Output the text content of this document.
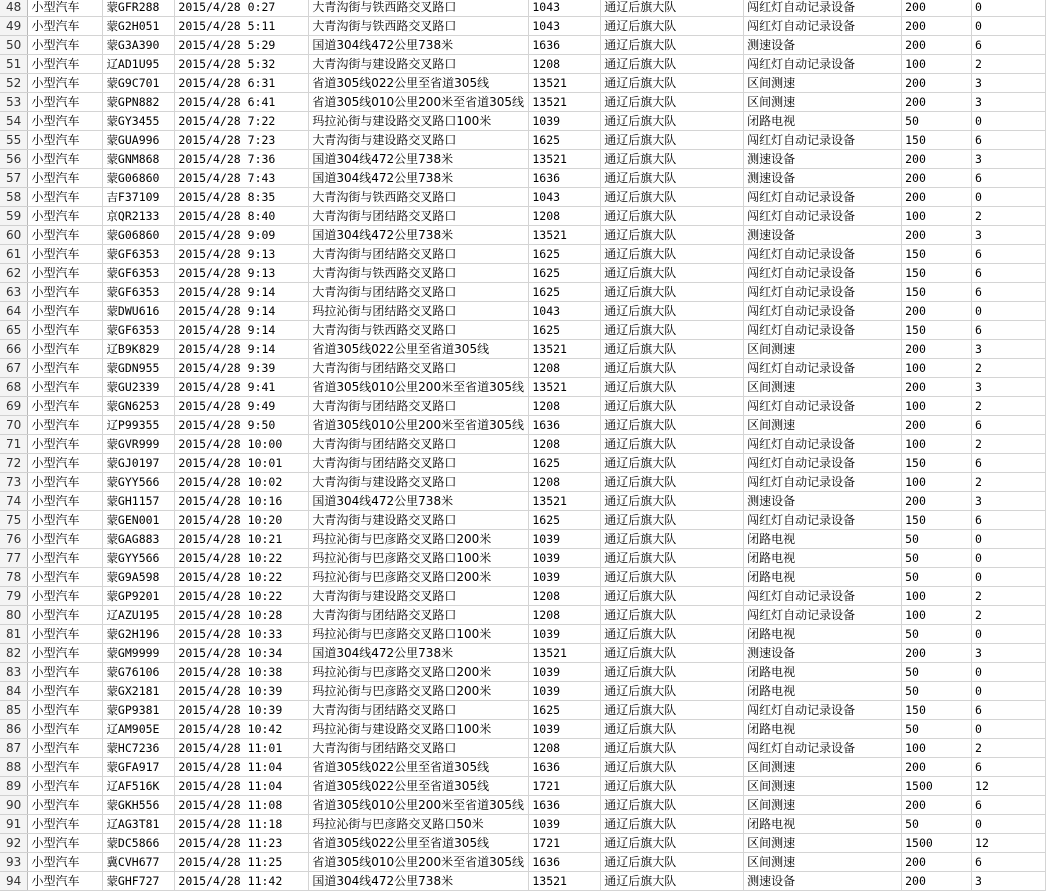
48	小型汽车	蒙GFR288	2015/4/28 0:27	大青沟街与铁西路交叉路口	1043	通辽后旗大队	闯红灯自动记录设备	200	0
49	小型汽车	蒙G2H051	2015/4/28 5:11	大青沟街与铁西路交叉路口	1043	通辽后旗大队	闯红灯自动记录设备	200	0
50	小型汽车	蒙G3A390	2015/4/28 5:29	国道304线472公里738米	1636	通辽后旗大队	测速设备	200	6
51	小型汽车	辽AD1U95	2015/4/28 5:32	大青沟街与建设路交叉路口	1208	通辽后旗大队	闯红灯自动记录设备	100	2
52	小型汽车	蒙G9C701	2015/4/28 6:31	省道305线022公里至省道305线	13521	通辽后旗大队	区间测速	200	3
53	小型汽车	蒙GPN882	2015/4/28 6:41	省道305线010公里200米至省道305线	13521	通辽后旗大队	区间测速	200	3
54	小型汽车	蒙GY3455	2015/4/28 7:22	玛拉沁街与建设路交叉路口100米	1039	通辽后旗大队	闭路电视	50	0
55	小型汽车	蒙GUA996	2015/4/28 7:23	大青沟街与建设路交叉路口	1625	通辽后旗大队	闯红灯自动记录设备	150	6
56	小型汽车	蒙GNM868	2015/4/28 7:36	国道304线472公里738米	13521	通辽后旗大队	测速设备	200	3
57	小型汽车	蒙G06860	2015/4/28 7:43	国道304线472公里738米	1636	通辽后旗大队	测速设备	200	6
58	小型汽车	吉F37109	2015/4/28 8:35	大青沟街与铁西路交叉路口	1043	通辽后旗大队	闯红灯自动记录设备	200	0
59	小型汽车	京QR2133	2015/4/28 8:40	大青沟街与团结路交叉路口	1208	通辽后旗大队	闯红灯自动记录设备	100	2
60	小型汽车	蒙G06860	2015/4/28 9:09	国道304线472公里738米	13521	通辽后旗大队	测速设备	200	3
61	小型汽车	蒙GF6353	2015/4/28 9:13	大青沟街与团结路交叉路口	1625	通辽后旗大队	闯红灯自动记录设备	150	6
62	小型汽车	蒙GF6353	2015/4/28 9:13	大青沟街与铁西路交叉路口	1625	通辽后旗大队	闯红灯自动记录设备	150	6
63	小型汽车	蒙GF6353	2015/4/28 9:14	大青沟街与团结路交叉路口	1625	通辽后旗大队	闯红灯自动记录设备	150	6
64	小型汽车	蒙DWU616	2015/4/28 9:14	玛拉沁街与团结路交叉路口	1043	通辽后旗大队	闯红灯自动记录设备	200	0
65	小型汽车	蒙GF6353	2015/4/28 9:14	大青沟街与铁西路交叉路口	1625	通辽后旗大队	闯红灯自动记录设备	150	6
66	小型汽车	辽B9K829	2015/4/28 9:14	省道305线022公里至省道305线	13521	通辽后旗大队	区间测速	200	3
67	小型汽车	蒙GDN955	2015/4/28 9:39	大青沟街与团结路交叉路口	1208	通辽后旗大队	闯红灯自动记录设备	100	2
68	小型汽车	蒙GU2339	2015/4/28 9:41	省道305线010公里200米至省道305线	13521	通辽后旗大队	区间测速	200	3
69	小型汽车	蒙GN6253	2015/4/28 9:49	大青沟街与团结路交叉路口	1208	通辽后旗大队	闯红灯自动记录设备	100	2
70	小型汽车	辽P99355	2015/4/28 9:50	省道305线010公里200米至省道305线	1636	通辽后旗大队	区间测速	200	6
71	小型汽车	蒙GVR999	2015/4/28 10:00	大青沟街与团结路交叉路口	1208	通辽后旗大队	闯红灯自动记录设备	100	2
72	小型汽车	蒙GJ0197	2015/4/28 10:01	大青沟街与团结路交叉路口	1625	通辽后旗大队	闯红灯自动记录设备	150	6
73	小型汽车	蒙GYY566	2015/4/28 10:02	大青沟街与建设路交叉路口	1208	通辽后旗大队	闯红灯自动记录设备	100	2
74	小型汽车	蒙GH1157	2015/4/28 10:16	国道304线472公里738米	13521	通辽后旗大队	测速设备	200	3
75	小型汽车	蒙GEN001	2015/4/28 10:20	大青沟街与建设路交叉路口	1625	通辽后旗大队	闯红灯自动记录设备	150	6
76	小型汽车	蒙GAG883	2015/4/28 10:21	玛拉沁街与巴彦路交叉路口200米	1039	通辽后旗大队	闭路电视	50	0
77	小型汽车	蒙GYY566	2015/4/28 10:22	玛拉沁街与巴彦路交叉路口100米	1039	通辽后旗大队	闭路电视	50	0
78	小型汽车	蒙G9A598	2015/4/28 10:22	玛拉沁街与巴彦路交叉路口200米	1039	通辽后旗大队	闭路电视	50	0
79	小型汽车	蒙GP9201	2015/4/28 10:22	大青沟街与建设路交叉路口	1208	通辽后旗大队	闯红灯自动记录设备	100	2
80	小型汽车	辽AZU195	2015/4/28 10:28	大青沟街与团结路交叉路口	1208	通辽后旗大队	闯红灯自动记录设备	100	2
81	小型汽车	蒙G2H196	2015/4/28 10:33	玛拉沁街与巴彦路交叉路口100米	1039	通辽后旗大队	闭路电视	50	0
82	小型汽车	蒙GM9999	2015/4/28 10:34	国道304线472公里738米	13521	通辽后旗大队	测速设备	200	3
83	小型汽车	蒙G76106	2015/4/28 10:38	玛拉沁街与巴彦路交叉路口200米	1039	通辽后旗大队	闭路电视	50	0
84	小型汽车	蒙GX2181	2015/4/28 10:39	玛拉沁街与巴彦路交叉路口200米	1039	通辽后旗大队	闭路电视	50	0
85	小型汽车	蒙GP9381	2015/4/28 10:39	大青沟街与团结路交叉路口	1625	通辽后旗大队	闯红灯自动记录设备	150	6
86	小型汽车	辽AM905E	2015/4/28 10:42	玛拉沁街与建设路交叉路口100米	1039	通辽后旗大队	闭路电视	50	0
87	小型汽车	蒙HC7236	2015/4/28 11:01	大青沟街与团结路交叉路口	1208	通辽后旗大队	闯红灯自动记录设备	100	2
88	小型汽车	蒙GFA917	2015/4/28 11:04	省道305线022公里至省道305线	1636	通辽后旗大队	区间测速	200	6
89	小型汽车	辽AF516K	2015/4/28 11:04	省道305线022公里至省道305线	1721	通辽后旗大队	区间测速	1500	12
90	小型汽车	蒙GKH556	2015/4/28 11:08	省道305线010公里200米至省道305线	1636	通辽后旗大队	区间测速	200	6
91	小型汽车	辽AG3T81	2015/4/28 11:18	玛拉沁街与巴彦路交叉路口50米	1039	通辽后旗大队	闭路电视	50	0
92	小型汽车	蒙DC5866	2015/4/28 11:23	省道305线022公里至省道305线	1721	通辽后旗大队	区间测速	1500	12
93	小型汽车	冀CVH677	2015/4/28 11:25	省道305线010公里200米至省道305线	1636	通辽后旗大队	区间测速	200	6
94	小型汽车	蒙GHF727	2015/4/28 11:42	国道304线472公里738米	13521	通辽后旗大队	测速设备	200	3
